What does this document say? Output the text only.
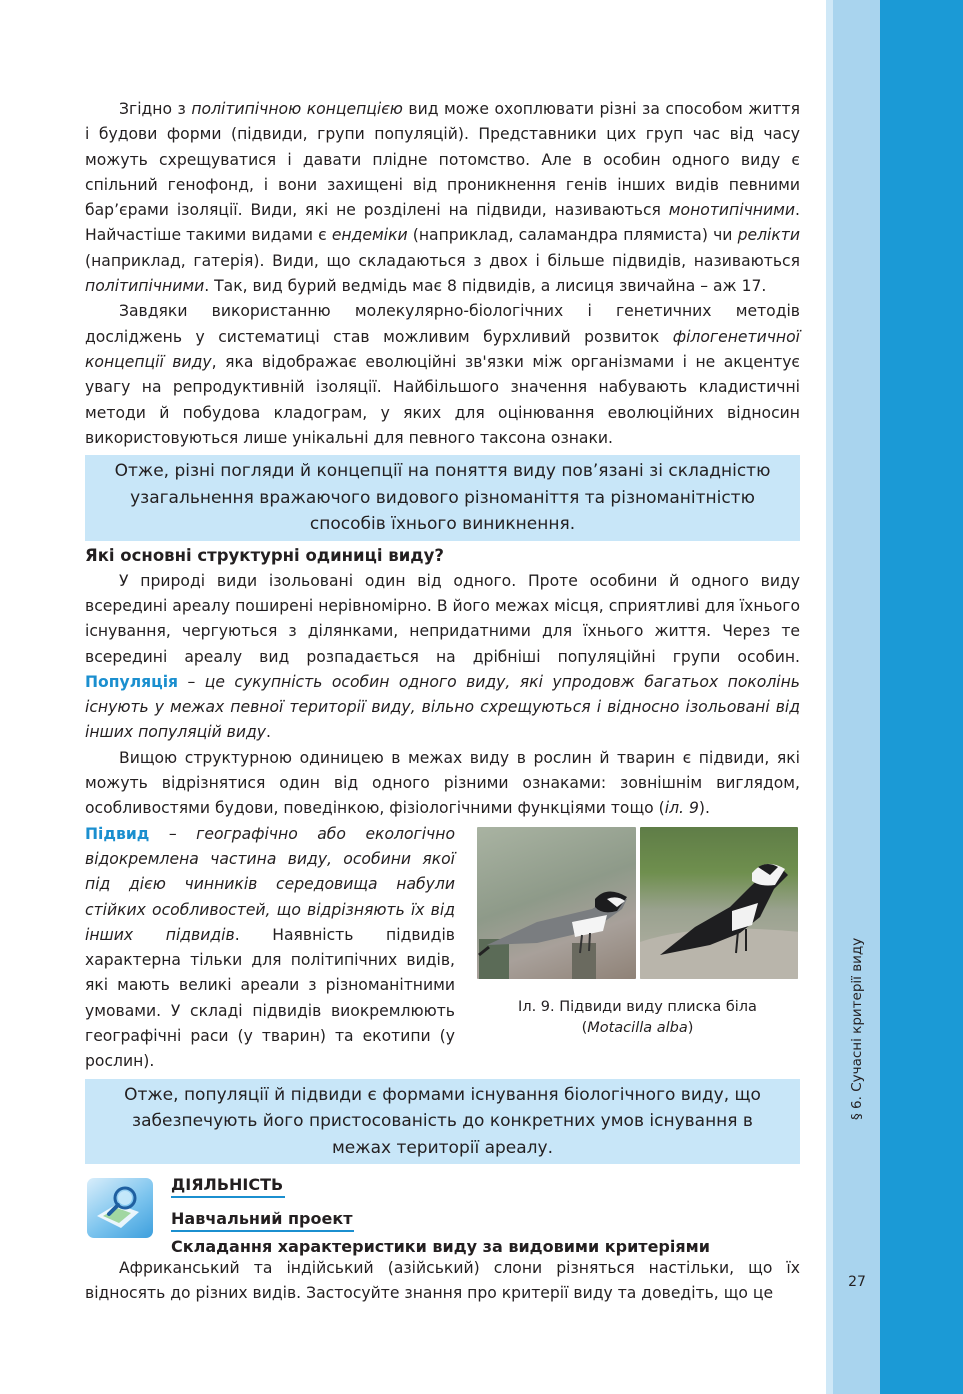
§ 6. Сучасні критерії виду
27

Згідно з політипічною концепцією вид може охоплювати різні за способом життя і будови форми (підвиди, групи популяцій). Представники цих груп час від часу можуть схрещуватися і давати плідне потомство. Але в особин одного виду є спільний генофонд, і вони захищені від проникнення генів інших видів певними бар’єрами ізоляції. Види, які не розділені на підвиди, називаються монотипічними. Найчастіше такими видами є ендеміки (наприклад, саламандра плямиста) чи релікти (наприклад, гатерія). Види, що складаються з двох і більше підвидів, називаються політипічними. Так, вид бурий ведмідь має 8 підвидів, а лисиця звичайна – аж 17.

Завдяки використанню молекулярно-біологічних і генетичних методів досліджень у систематиці став можливим бурхливий розвиток філогенетичної концепції виду, яка відображає еволюційні зв'язки між організмами і не акцентує увагу на репродуктивній ізоляції. Найбільшого значення набувають кладистичні методи й побудова кладограм, у яких для оцінювання еволюційних відносин використовуються лише унікальні для певного таксона ознаки.

Отже, різні погляди й концепції на поняття виду пов’язані зі складністю узагальнення вражаючого видового різноманіття та різноманітністю способів їхнього виникнення.
Які основні структурні одиниці виду?

У природі види ізольовані один від одного. Проте особини й одного виду всередині ареалу поширені нерівномірно. В його межах місця, сприятливі для їхнього існування, чергуються з ділянками, непридатними для їхнього життя. Через те всередині ареалу вид розпадається на дрібніші популяційні групи особин. Популяція – це сукупність особин одного виду, які упродовж багатьох поколінь існують у межах певної території виду, вільно схрещуються і відносно ізольовані від інших популяцій виду.

Вищою структурною одиницею в межах виду в рослин й тварин є підвиди, які можуть відрізнятися один від одного різними ознаками: зовнішнім виглядом, особливостями будови, поведінкою, фізіологічними функціями тощо (іл. 9).

Підвид – географічно або екологічно відокремлена частина виду, особини якої під дією чинників середовища набули стійких особливостей, що відрізняють їх від інших підвидів. Наявність підвидів характерна тільки для політипічних видів, які мають великі ареали з різноманітними умовами. У складі підвидів виокремлюють географічні раси (у тварин) та екотипи (у рослин).

Іл. 9. Підвиди виду плиска біла
(Motacilla alba)
Отже, популяції й підвиди є формами існування біологічного виду, що забезпечують його пристосованість до конкретних умов існування в межах території ареалу.
ДІЯЛЬНІСТЬ
Навчальний проект
Складання характеристики виду за видовими критеріями

Африканський та індійський (азійський) слони різняться настільки, що їх відносять до різних видів. Застосуйте знання про критерії виду та доведіть, що це
